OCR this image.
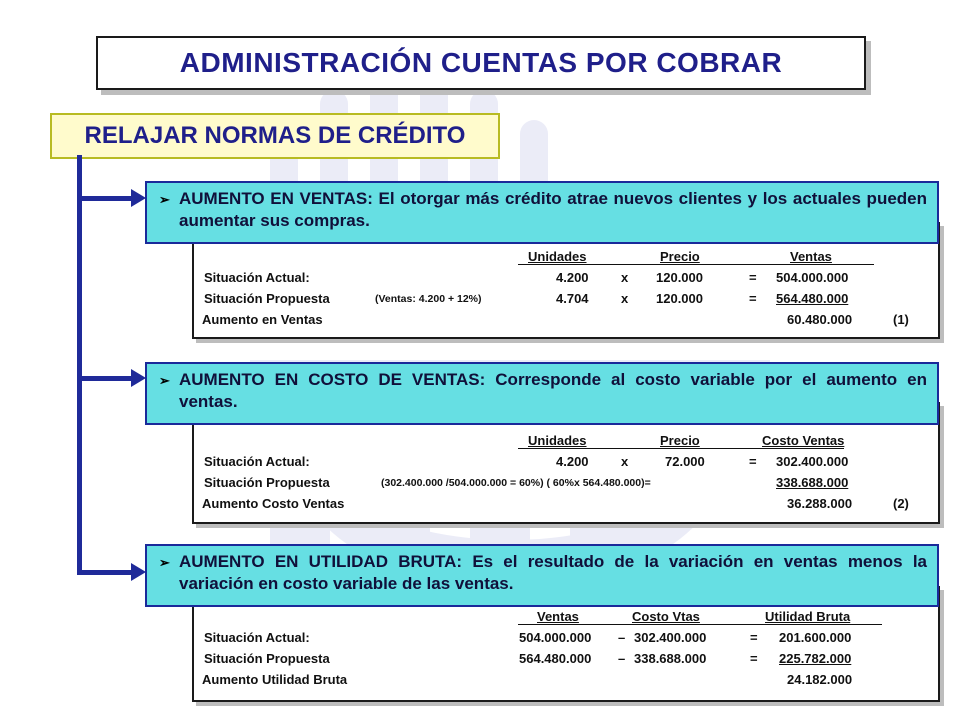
ADMINISTRACIÓN CUENTAS POR COBRAR
RELAJAR NORMAS DE CRÉDITO
➢ AUMENTO EN VENTAS: El otorgar más crédito atrae nuevos clientes y los actuales pueden aumentar sus compras.
Unidades	Precio	Ventas
Situación Actual:	4.200 x 120.000	= 504.000.000
Situación Propuesta	(Ventas: 4.200 + 12%)	4.704 x 120.000	= 564.480.000
Aumento en Ventas	60.480.000	(1)
➢ AUMENTO EN COSTO DE VENTAS: Corresponde al costo variable por el aumento en ventas.
Unidades	Precio	Costo Ventas
Situación Actual:	4.200 x	72.000	= 302.400.000
Situación Propuesta	(302.400.000 /504.000.000 = 60%) ( 60%x 564.480.000)=	338.688.000
Aumento Costo Ventas	36.288.000	(2)
➢ AUMENTO EN UTILIDAD BRUTA: Es el resultado de la variación en ventas menos la variación en costo variable de las ventas.
Ventas	Costo Vtas	Utilidad Bruta
Situación Actual:	504.000.000 – 302.400.000	= 201.600.000
Situación Propuesta	564.480.000 – 338.688.000	= 225.782.000
Aumento Utilidad Bruta	24.182.000
